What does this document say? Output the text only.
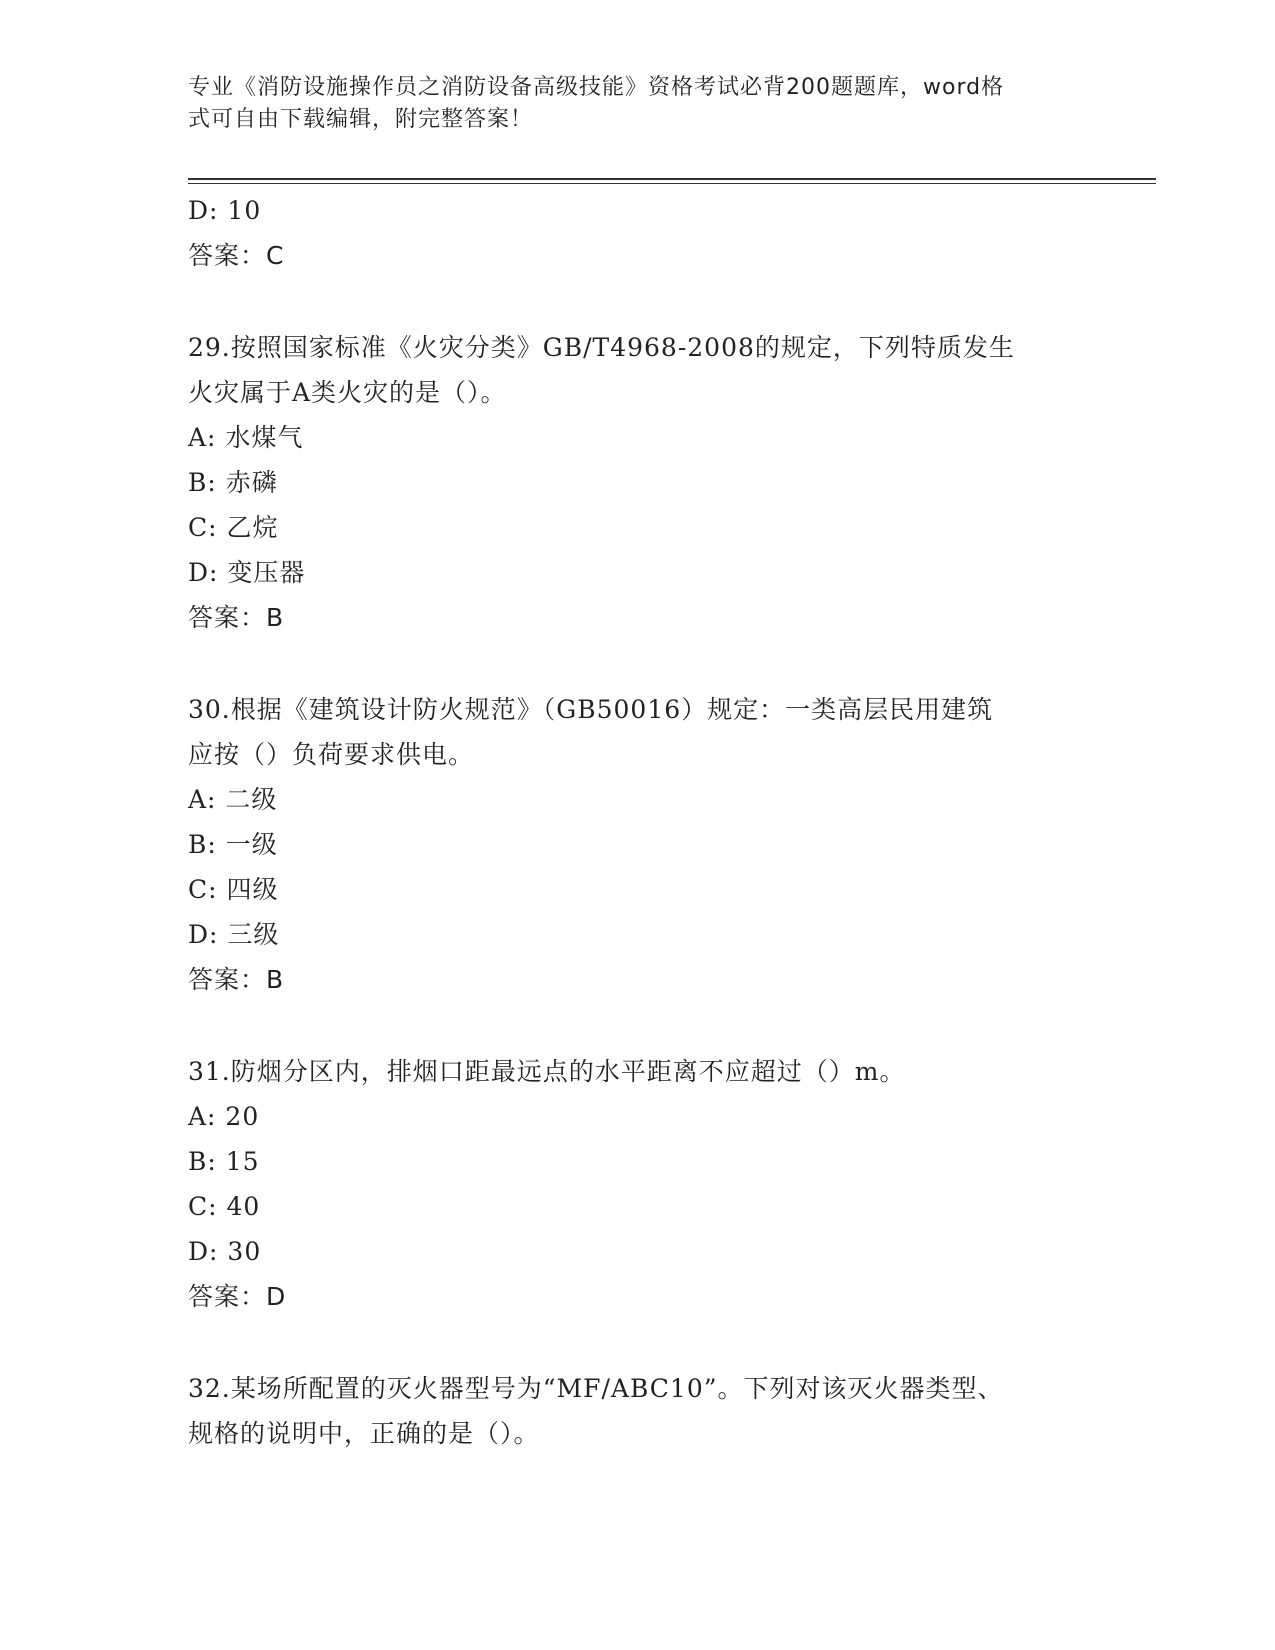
专业《消防设施操作员之消防设备高级技能》资格考试必背200题题库，word格
式可自由下载编辑，附完整答案！
D: 10
答案：C
29.按照国家标准《火灾分类》GB/T4968-2008的规定，下列特质发生
火灾属于A类火灾的是（）。
A: 水煤气
B: 赤磷
C: 乙烷
D: 变压器
答案：B
30.根据《建筑设计防火规范》（GB50016）规定：一类高层民用建筑
应按（）负荷要求供电。
A: 二级
B: 一级
C: 四级
D: 三级
答案：B
31.防烟分区内，排烟口距最远点的水平距离不应超过（）m。
A: 20
B: 15
C: 40
D: 30
答案：D
32.某场所配置的灭火器型号为“MF/ABC10”。下列对该灭火器类型、
规格的说明中，正确的是（）。
